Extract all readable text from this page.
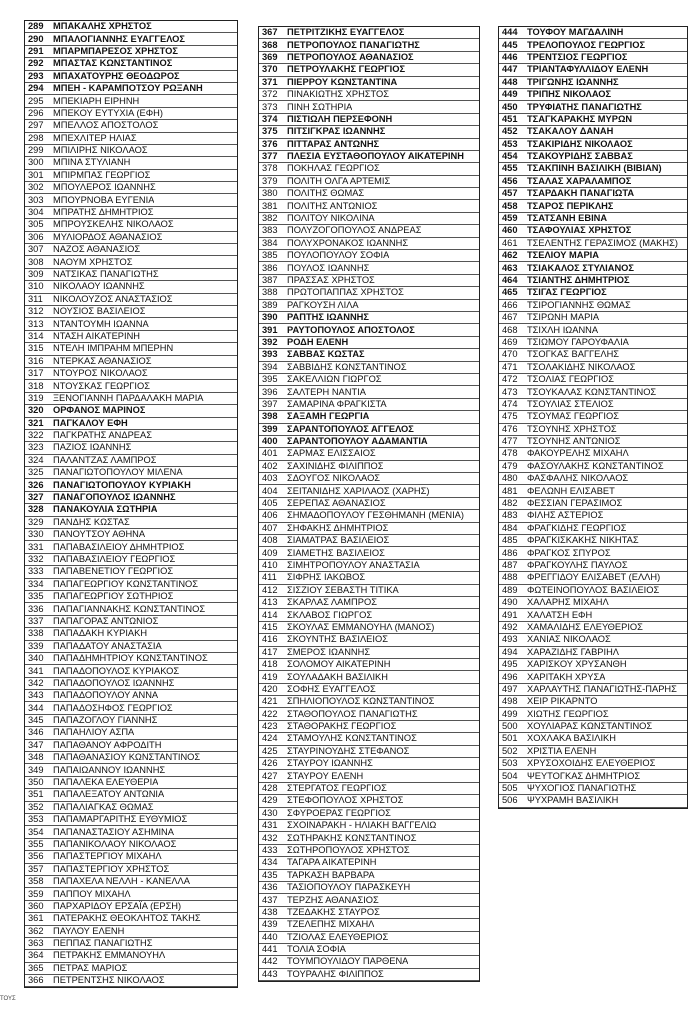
289	ΜΠΑΚΑΛΗΣ ΧΡΗΣΤΟΣ
290	ΜΠΑΛΟΓΙΑΝΝΗΣ ΕΥΑΓΓΕΛΟΣ
291	ΜΠΑΡΜΠΑΡΕΣΟΣ ΧΡΗΣΤΟΣ
292	ΜΠΑΣΤΑΣ ΚΩΝΣΤΑΝΤΙΝΟΣ
293	ΜΠΑΧΑΤΟΥΡΗΣ ΘΕΟΔΩΡΟΣ
294	ΜΠΕΗ - ΚΑΡΑΜΠΟΤΣΟΥ ΡΩΞΑΝΗ
295	ΜΠΕΚΙΑΡΗ ΕΙΡΗΝΗ
296	ΜΠΕΚΟΥ ΕΥΤΥΧΙΑ (ΕΦΗ)
297	ΜΠΕΛΛΟΣ ΑΠΟΣΤΟΛΟΣ
298	ΜΠΕΧΛΙΤΕΡ ΗΛΙΑΣ
299	ΜΠΙΛΙΡΗΣ ΝΙΚΟΛΑΟΣ
300	ΜΠΙΝΑ ΣΤΥΛΙΑΝΗ
301	ΜΠΙΡΜΠΑΣ ΓΕΩΡΓΙΟΣ
302	ΜΠΟΥΛΕΡΟΣ ΙΩΑΝΝΗΣ
303	ΜΠΟΥΡΝΟΒΑ ΕΥΓΕΝΙΑ
304	ΜΠΡΑΤΗΣ ΔΗΜΗΤΡΙΟΣ
305	ΜΠΡΟΥΣΚΕΛΗΣ ΝΙΚΟΛΑΟΣ
306	ΜΥΛΙΟΡΔΟΣ ΑΘΑΝΑΣΙΟΣ
307	ΝΑΖΟΣ ΑΘΑΝΑΣΙΟΣ
308	ΝΑΟΥΜ ΧΡΗΣΤΟΣ
309	ΝΑΤΣΙΚΑΣ ΠΑΝΑΓΙΩΤΗΣ
310	ΝΙΚΟΛΑΟΥ ΙΩΑΝΝΗΣ
311	ΝΙΚΟΛΟΥΖΟΣ ΑΝΑΣΤΑΣΙΟΣ
312	ΝΟΥΣΙΟΣ ΒΑΣΙΛΕΙΟΣ
313	ΝΤΑΝΤΟΥΜΗ ΙΩΑΝΝΑ
314	ΝΤΑΣΗ ΑΙΚΑΤΕΡΙΝΗ
315	ΝΤΕΛΗ ΙΜΠΡΑΗΜ ΜΠΕΡΗΝ
316	ΝΤΕΡΚΑΣ ΑΘΑΝΑΣΙΟΣ
317	ΝΤΟΥΡΟΣ ΝΙΚΟΛΑΟΣ
318	ΝΤΟΥΣΚΑΣ ΓΕΩΡΓΙΟΣ
319	ΞΕΝΟΓΙΑΝΝΗ ΠΑΡΔΑΛΑΚΗ ΜΑΡΙΑ
320	ΟΡΦΑΝΟΣ ΜΑΡΙΝΟΣ
321	ΠΑΓΚΑΛΟΥ ΕΦΗ
322	ΠΑΓΚΡΑΤΗΣ ΑΝΔΡΕΑΣ
323	ΠΑΖΙΟΣ ΙΩΑΝΝΗΣ
324	ΠΑΛΑΝΤΖΑΣ ΛΑΜΠΡΟΣ
325	ΠΑΝΑΓΙΩΤΟΠΟΥΛΟΥ ΜΙΛΕΝΑ
326	ΠΑΝΑΓΙΩΤΟΠΟΥΛΟΥ ΚΥΡΙΑΚΗ
327	ΠΑΝΑΓΟΠΟΥΛΟΣ ΙΩΑΝΝΗΣ
328	ΠΑΝΑΚΟΥΛΙΑ ΣΩΤΗΡΙΑ
329	ΠΑΝΔΗΣ ΚΩΣΤΑΣ
330	ΠΑΝΟΥΤΣΟΥ ΑΘΗΝΑ
331	ΠΑΠΑΒΑΣΙΛΕΙΟΥ ΔΗΜΗΤΡΙΟΣ
332	ΠΑΠΑΒΑΣΙΛΕΙΟΥ ΓΕΩΡΓΙΟΣ
333	ΠΑΠΑΒΕΝΕΤΙΟΥ ΓΕΩΡΓΙΟΣ
334	ΠΑΠΑΓΕΩΡΓΙΟΥ ΚΩΝΣΤΑΝΤΙΝΟΣ
335	ΠΑΠΑΓΕΩΡΓΙΟΥ ΣΩΤΗΡΙΟΣ
336	ΠΑΠΑΓΙΑΝΝΑΚΗΣ ΚΩΝΣΤΑΝΤΙΝΟΣ
337	ΠΑΠΑΓΟΡΑΣ ΑΝΤΩΝΙΟΣ
338	ΠΑΠΑΔΑΚΗ ΚΥΡΙΑΚΗ
339	ΠΑΠΑΔΑΤΟΥ ΑΝΑΣΤΑΣΙΑ
340	ΠΑΠΑΔΗΜΗΤΡΙΟΥ ΚΩΝΣΤΑΝΤΙΝΟΣ
341	ΠΑΠΑΔΟΠΟΥΛΟΣ ΚΥΡΙΑΚΟΣ
342	ΠΑΠΑΔΟΠΟΥΛΟΣ ΙΩΑΝΝΗΣ
343	ΠΑΠΑΔΟΠΟΥΛΟΥ ΑΝΝΑ
344	ΠΑΠΑΔΟΣΗΦΟΣ ΓΕΩΡΓΙΟΣ
345	ΠΑΠΑΖΟΓΛΟΥ ΓΙΑΝΝΗΣ
346	ΠΑΠΑΗΛΙΟΥ ΑΣΠΑ
347	ΠΑΠΑΘΑΝΟΥ ΑΦΡΟΔΙΤΗ
348	ΠΑΠΑΘΑΝΑΣΙΟΥ ΚΩΝΣΤΑΝΤΙΝΟΣ
349	ΠΑΠΑΙΩΑΝΝΟΥ ΙΩΑΝΝΗΣ
350	ΠΑΠΑΛΕΚΑ ΕΛΕΥΘΕΡΙΑ
351	ΠΑΠΑΛΕΞΑΤΟΥ ΑΝΤΩΝΙΑ
352	ΠΑΠΑΛΙΑΓΚΑΣ ΘΩΜΑΣ
353	ΠΑΠΑΜΑΡΓΑΡΙΤΗΣ ΕΥΘΥΜΙΟΣ
354	ΠΑΠΑΝΑΣΤΑΣΙΟΥ ΑΣΗΜΙΝΑ
355	ΠΑΠΑΝΙΚΟΛΑΟΥ ΝΙΚΟΛΑΟΣ
356	ΠΑΠΑΣΤΕΡΓΙΟΥ ΜΙΧΑΗΛ
357	ΠΑΠΑΣΤΕΡΓΙΟΥ ΧΡΗΣΤΟΣ
358	ΠΑΠΑΧΕΛΑ ΝΕΛΛΗ - ΚΑΝΕΛΛΑ
359	ΠΑΠΠΟΥ ΜΙΧΑΗΛ
360	ΠΑΡΧΑΡΙΔΟΥ ΕΡΣΑΪΑ (ΕΡΣΗ)
361	ΠΑΤΕΡΑΚΗΣ ΘΕΟΚΛΗΤΟΣ ΤΑΚΗΣ
362	ΠΑΥΛΟΥ ΕΛΕΝΗ
363	ΠΕΠΠΑΣ ΠΑΝΑΓΙΩΤΗΣ
364	ΠΕΤΡΑΚΗΣ ΕΜΜΑΝΟΥΗΛ
365	ΠΕΤΡΑΣ ΜΑΡΙΟΣ
366	ΠΕΤΡΕΝΤΣΗΣ ΝΙΚΟΛΑΟΣ
367	ΠΕΤΡΙΤΖΙΚΗΣ ΕΥΑΓΓΕΛΟΣ
368	ΠΕΤΡΟΠΟΥΛΟΣ ΠΑΝΑΓΙΩΤΗΣ
369	ΠΕΤΡΟΠΟΥΛΟΣ ΑΘΑΝΑΣΙΟΣ
370	ΠΕΤΡΟΥΛΑΚΗΣ ΓΕΩΡΓΙΟΣ
371	ΠΙΕΡΡΟΥ ΚΩΝΣΤΑΝΤΙΝΑ
372	ΠΙΝΑΚΙΩΤΗΣ ΧΡΗΣΤΟΣ
373	ΠΙΝΗ ΣΩΤΗΡΙΑ
374	ΠΙΣΤΙΩΛΗ ΠΕΡΣΕΦΟΝΗ
375	ΠΙΤΣΙΓΚΡΑΣ ΙΩΑΝΝΗΣ
376	ΠΙΤΤΑΡΑΣ ΑΝΤΩΝΗΣ
377	ΠΛΕΣΙΑ ΕΥΣΤΑΘΟΠΟΥΛΟΥ ΑΙΚΑΤΕΡΙΝΗ
378	ΠΟΚΗΛΑΣ ΓΕΩΡΓΙΟΣ
379	ΠΟΛΙΤΗ ΟΛΓΑ ΑΡΤΕΜΙΣ
380	ΠΟΛΙΤΗΣ ΘΩΜΑΣ
381	ΠΟΛΙΤΗΣ ΑΝΤΩΝΙΟΣ
382	ΠΟΛΙΤΟΥ ΝΙΚΟΛΙΝΑ
383	ΠΟΛΥΖΟΓΟΠΟΥΛΟΣ ΑΝΔΡΕΑΣ
384	ΠΟΛΥΧΡΟΝΑΚΟΣ ΙΩΑΝΝΗΣ
385	ΠΟΥΛΟΠΟΥΛΟΥ ΣΟΦΙΑ
386	ΠΟΥΛΟΣ ΙΩΑΝΝΗΣ
387	ΠΡΑΣΣΑΣ ΧΡΗΣΤΟΣ
388	ΠΡΩΤΟΠΑΠΠΑΣ ΧΡΗΣΤΟΣ
389	ΡΑΓΚΟΥΣΗ ΛΙΛΑ
390	ΡΑΠΤΗΣ ΙΩΑΝΝΗΣ
391	ΡΑΥΤΟΠΟΥΛΟΣ ΑΠΟΣΤΟΛΟΣ
392	ΡΟΔΗ ΕΛΕΝΗ
393	ΣΑΒΒΑΣ ΚΩΣΤΑΣ
394	ΣΑΒΒΙΔΗΣ ΚΩΝΣΤΑΝΤΙΝΟΣ
395	ΣΑΚΕΛΛΙΩΝ ΓΙΩΡΓΟΣ
396	ΣΑΛΤΕΡΗ ΝΑΝΤΙΑ
397	ΣΑΜΑΡΙΝΑ ΦΡΑΓΚΙΣΤΑ
398	ΣΑΞΑΜΗ ΓΕΩΡΓΙΑ
399	ΣΑΡΑΝΤΟΠΟΥΛΟΣ ΑΓΓΕΛΟΣ
400	ΣΑΡΑΝΤΟΠΟΥΛΟΥ ΑΔΑΜΑΝΤΙΑ
401	ΣΑΡΜΑΣ ΕΛΙΣΣΑΙΟΣ
402	ΣΑΧΙΝΙΔΗΣ ΦΙΛΙΠΠΟΣ
403	ΣΔΟΥΓΟΣ ΝΙΚΟΛΑΟΣ
404	ΣΕΙΤΑΝΙΔΗΣ ΧΑΡΙΛΑΟΣ (ΧΑΡΗΣ)
405	ΣΕΡΕΠΑΣ ΑΘΑΝΑΣΙΟΣ
406	ΣΗΜΑΔΟΠΟΥΛΟΥ ΓΕΣΘΗΜΑΝΗ (ΜΕΝΙΑ)
407	ΣΗΦΑΚΗΣ ΔΗΜΗΤΡΙΟΣ
408	ΣΙΑΜΑΤΡΑΣ ΒΑΣΙΛΕΙΟΣ
409	ΣΙΑΜΕΤΗΣ ΒΑΣΙΛΕΙΟΣ
410	ΣΙΜΗΤΡΟΠΟΥΛΟΥ ΑΝΑΣΤΑΣΙΑ
411	ΣΙΦΡΗΣ ΙΑΚΩΒΟΣ
412	ΣΙΣΖΙΟΥ ΣΕΒΑΣΤΗ ΤΙΤΙΚΑ
413	ΣΚΑΡΛΑΣ ΛΑΜΠΡΟΣ
414	ΣΚΛΑΒΟΣ ΓΙΩΡΓΟΣ
415	ΣΚΟΥΛΑΣ ΕΜΜΑΝΟΥΗΛ (ΜΑΝΟΣ)
416	ΣΚΟΥΝΤΗΣ ΒΑΣΙΛΕΙΟΣ
417	ΣΜΕΡΟΣ ΙΩΑΝΝΗΣ
418	ΣΟΛΟΜΟΥ ΑΙΚΑΤΕΡΙΝΗ
419	ΣΟΥΛΑΔΑΚΗ ΒΑΣΙΛΙΚΗ
420	ΣΟΦΗΣ ΕΥΑΓΓΕΛΟΣ
421	ΣΠΗΛΙΟΠΟΥΛΟΣ ΚΩΝΣΤΑΝΤΙΝΟΣ
422	ΣΤΑΘΟΠΟΥΛΟΣ ΠΑΝΑΓΙΩΤΗΣ
423	ΣΤΑΘΟΡΑΚΗΣ ΓΕΩΡΓΙΟΣ
424	ΣΤΑΜΟΥΛΗΣ ΚΩΝΣΤΑΝΤΙΝΟΣ
425	ΣΤΑΥΡΙΝΟΥΔΗΣ ΣΤΕΦΑΝΟΣ
426	ΣΤΑΥΡΟΥ ΙΩΑΝΝΗΣ
427	ΣΤΑΥΡΟΥ ΕΛΕΝΗ
428	ΣΤΕΡΓΑΤΟΣ ΓΕΩΡΓΙΟΣ
429	ΣΤΕΦΟΠΟΥΛΟΣ ΧΡΗΣΤΟΣ
430	ΣΦΥΡΟΕΡΑΣ ΓΕΩΡΓΙΟΣ
431	ΣΧΟΙΝΑΡΑΚΗ - ΗΛΙΑΚΗ ΒΑΓΓΕΛΙΩ
432	ΣΩΤΗΡΑΚΗΣ ΚΩΝΣΤΑΝΤΙΝΟΣ
433	ΣΩΤΗΡΟΠΟΥΛΟΣ ΧΡΗΣΤΟΣ
434	ΤΑΓΑΡΑ ΑΙΚΑΤΕΡΙΝΗ
435	ΤΑΡΚΑΣΗ ΒΑΡΒΑΡΑ
436	ΤΑΣΙΟΠΟΥΛΟΥ ΠΑΡΑΣΚΕΥΗ
437	ΤΕΡΖΗΣ ΑΘΑΝΑΣΙΟΣ
438	ΤΖΕΔΑΚΗΣ ΣΤΑΥΡΟΣ
439	ΤΖΕΛΕΠΗΣ ΜΙΧΑΗΛ
440	ΤΖΙΟΛΑΣ ΕΛΕΥΘΕΡΙΟΣ
441	ΤΟΛΙΑ ΣΟΦΙΑ
442	ΤΟΥΜΠΟΥΛΙΔΟΥ ΠΑΡΘΕΝΑ
443	ΤΟΥΡΑΛΗΣ ΦΙΛΙΠΠΟΣ
444	ΤΟΥΦΟΥ ΜΑΓΔΑΛΙΝΗ
445	ΤΡΕΛΟΠΟΥΛΟΣ ΓΕΩΡΓΙΟΣ
446	ΤΡΕΝΤΣΙΟΣ ΓΕΩΡΓΙΟΣ
447	ΤΡΙΑΝΤΑΦΥΛΛΙΔΟΥ ΕΛΕΝΗ
448	ΤΡΙΓΩΝΗΣ ΙΩΑΝΝΗΣ
449	ΤΡΙΠΗΣ ΝΙΚΟΛΑΟΣ
450	ΤΡΥΦΙΑΤΗΣ ΠΑΝΑΓΙΩΤΗΣ
451	ΤΣΑΓΚΑΡΑΚΗΣ ΜΥΡΩΝ
452	ΤΣΑΚΑΛΟΥ ΔΑΝΑΗ
453	ΤΣΑΚΙΡΙΔΗΣ ΝΙΚΟΛΑΟΣ
454	ΤΣΑΚΟΥΡΙΔΗΣ ΣΑΒΒΑΣ
455	ΤΣΑΚΠΙΝΗ ΒΑΣΙΛΙΚΗ (ΒΙΒΙΑΝ)
456	ΤΣΑΛΑΣ ΧΑΡΑΛΑΜΠΟΣ
457	ΤΣΑΡΔΑΚΗ ΠΑΝΑΓΙΩΤΑ
458	ΤΣΑΡΟΣ ΠΕΡΙΚΛΗΣ
459	ΤΣΑΤΣΑΝΗ ΕΒΙΝΑ
460	ΤΣΑΦΟΥΛΙΑΣ ΧΡΗΣΤΟΣ
461	ΤΣΕΛΕΝΤΗΣ ΓΕΡΑΣΙΜΟΣ (ΜΑΚΗΣ)
462	ΤΣΕΛΙΟΥ ΜΑΡΙΑ
463	ΤΣΙΑΚΑΛΟΣ ΣΤΥΛΙΑΝΟΣ
464	ΤΣΙΑΝΤΗΣ ΔΗΜΗΤΡΙΟΣ
465	ΤΣΙΓΑΣ ΓΕΩΡΓΙΟΣ
466	ΤΣΙΡΟΓΙΑΝΝΗΣ ΘΩΜΑΣ
467	ΤΣΙΡΩΝΗ ΜΑΡΙΑ
468	ΤΣΙΧΛΗ ΙΩΑΝΝΑ
469	ΤΣΙΩΜΟΥ ΓΑΡΟΥΦΑΛΙΑ
470	ΤΣΟΓΚΑΣ ΒΑΓΓΕΛΗΣ
471	ΤΣΟΛΑΚΙΔΗΣ ΝΙΚΟΛΑΟΣ
472	ΤΣΟΛΙΑΣ ΓΕΩΡΓΙΟΣ
473	ΤΣΟΥΚΑΛΑΣ ΚΩΝΣΤΑΝΤΙΝΟΣ
474	ΤΣΟΥΛΙΑΣ ΣΤΕΛΙΟΣ
475	ΤΣΟΥΜΑΣ ΓΕΩΡΓΙΟΣ
476	ΤΣΟΥΝΗΣ ΧΡΗΣΤΟΣ
477	ΤΣΟΥΝΗΣ ΑΝΤΩΝΙΟΣ
478	ΦΑΚΟΥΡΕΛΗΣ ΜΙΧΑΗΛ
479	ΦΑΣΟΥΛΑΚΗΣ ΚΩΝΣΤΑΝΤΙΝΟΣ
480	ΦΑΣΦΑΛΗΣ ΝΙΚΟΛΑΟΣ
481	ΦΕΛΩΝΗ ΕΛΙΣΑΒΕΤ
482	ΦΕΣΣΙΑΝ ΓΕΡΑΣΙΜΟΣ
483	ΦΙΛΗΣ ΑΣΤΕΡΙΟΣ
484	ΦΡΑΓΚΙΔΗΣ ΓΕΩΡΓΙΟΣ
485	ΦΡΑΓΚΙΣΚΑΚΗΣ ΝΙΚΗΤΑΣ
486	ΦΡΑΓΚΟΣ ΣΠΥΡΟΣ
487	ΦΡΑΓΚΟΥΛΗΣ ΠΑΥΛΟΣ
488	ΦΡΕΓΓΙΔΟΥ ΕΛΙΣΑΒΕΤ (ΕΛΛΗ)
489	ΦΩΤΕΙΝΟΠΟΥΛΟΣ ΒΑΣΙΛΕΙΟΣ
490	ΧΑΛΑΡΗΣ ΜΙΧΑΗΛ
491	ΧΑΛΑΤΣΗ ΕΦΗ
492	ΧΑΜΑΛΙΔΗΣ ΕΛΕΥΘΕΡΙΟΣ
493	ΧΑΝΙΑΣ ΝΙΚΟΛΑΟΣ
494	ΧΑΡΑΖΙΔΗΣ ΓΑΒΡΙΗΛ
495	ΧΑΡΙΣΚΟΥ ΧΡΥΣΑΝΘΗ
496	ΧΑΡΙΤΑΚΗ ΧΡΥΣΑ
497	ΧΑΡΛΑΥΤΗΣ ΠΑΝΑΓΙΩΤΗΣ-ΠΑΡΗΣ
498	ΧΕΙΡ ΡΙΚΑΡΝΤΟ
499	ΧΙΩΤΗΣ ΓΕΩΡΓΙΟΣ
500	ΧΟΥΛΙΑΡΑΣ ΚΩΝΣΤΑΝΤΙΝΟΣ
501	ΧΟΧΛΑΚΑ ΒΑΣΙΛΙΚΗ
502	ΧΡΙΣΤΙΑ ΕΛΕΝΗ
503	ΧΡΥΣΟΧΟΙΔΗΣ ΕΛΕΥΘΕΡΙΟΣ
504	ΨΕΥΤΟΓΚΑΣ ΔΗΜΗΤΡΙΟΣ
505	ΨΥΧΟΓΙΟΣ ΠΑΝΑΓΙΩΤΗΣ
506	ΨΥΧΡΑΜΗ ΒΑΣΙΛΙΚΗ
ΤΟΥΣ
